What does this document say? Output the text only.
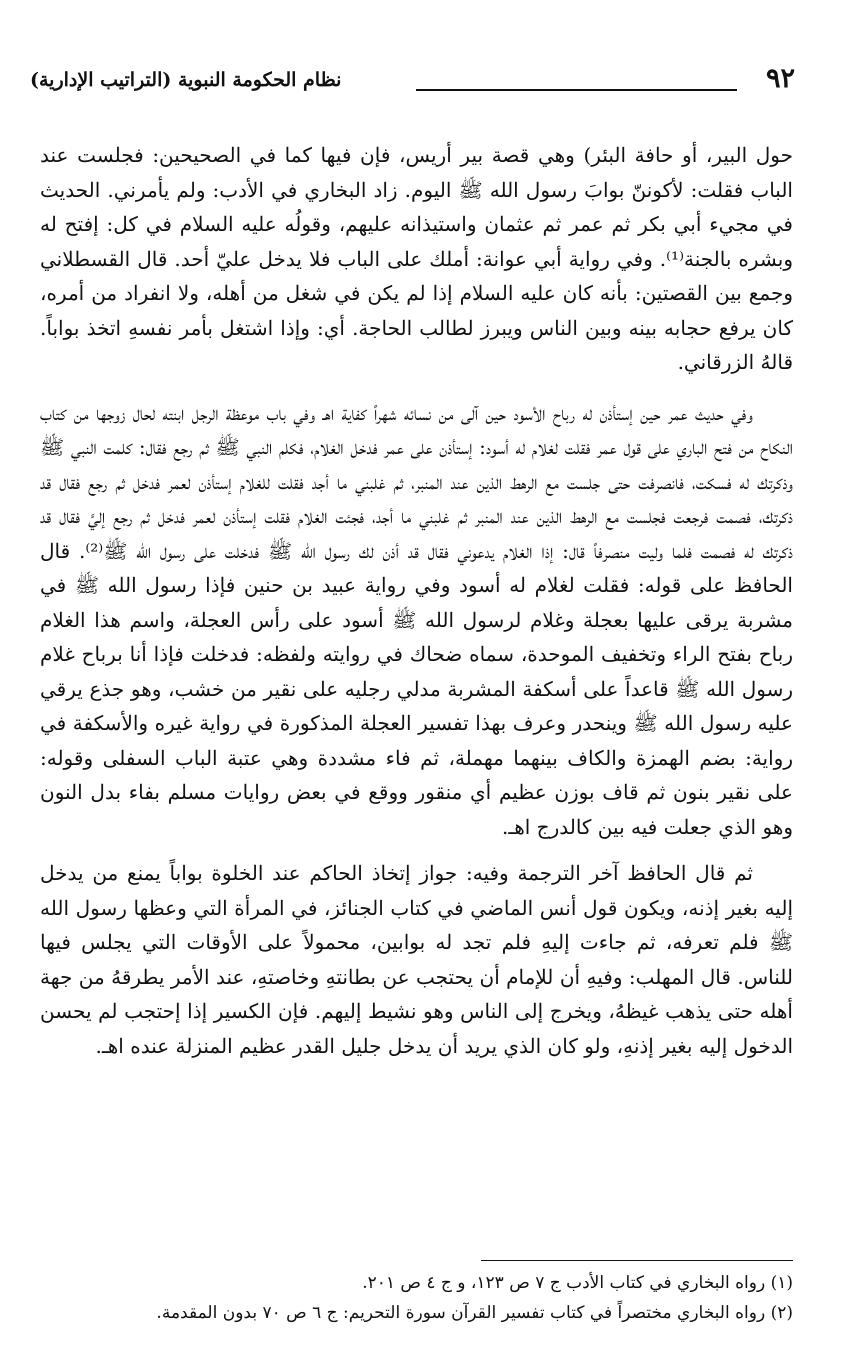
٩٢
نظام الحكومة النبوية (التراتيب الإدارية)

حول البير، أو حافة البئر) وهي قصة بير أريس، فإن فيها كما في الصحيحين: فجلست عند الباب فقلت: لأكوننّ بوابَ رسول الله ﷺ اليوم. زاد البخاري في الأدب: ولم يأمرني. الحديث في مجيء أبي بكر ثم عمر ثم عثمان واستيذانه عليهم، وقولُه عليه السلام في كل: إفتح له وبشره بالجنة⁽¹⁾. وفي رواية أبي عوانة: أملك على الباب فلا يدخل عليّ أحد. قال القسطلاني وجمع بين القصتين: بأنه كان عليه السلام إذا لم يكن في شغل من أهله، ولا انفراد من أمره، كان يرفع حجابه بينه وبين الناس ويبرز لطالب الحاجة. أي: وإذا اشتغل بأمر نفسهِ اتخذ بواباً. قالهُ الزرقاني.

وفي حديث عمر حين إستأذن له رباح الأسود حين آلى من نسائه شهراً كفاية اهـ وفي باب موعظة الرجل ابنته لحال زوجها من كتاب النكاح من فتح الباري على قول عمر فقلت لغلام له أسود: إستأذن على عمر فدخل الغلام، فكلم النبي ﷺ ثم رجع فقال: كلمت النبي ﷺ وذكرتك له فسكت، فانصرفت حتى جلست مع الرهط الذين عند المنبر، ثم غلبني ما أجد فقلت للغلام إستأذن لعمر فدخل ثم رجع فقال قد ذكرتك، فصمت فرجعت فجلست مع الرهط الذين عند المنبر ثم غلبني ما أجد، فجئت الغلام فقلت إستأذن لعمر فدخل ثم رجع إليَّ فقال قد ذكرتك له فصمت فلما وليت منصرفاً قال: إذا الغلام يدعوني فقال قد أذن لك رسول الله ﷺ فدخلت على رسول الله ﷺ⁽²⁾. قال الحافظ على قوله: فقلت لغلام له أسود وفي رواية عبيد بن حنين فإذا رسول الله ﷺ في مشربة يرقى عليها بعجلة وغلام لرسول الله ﷺ أسود على رأس العجلة، واسم هذا الغلام رباح بفتح الراء وتخفيف الموحدة، سماه ضحاك في روايته ولفظه: فدخلت فإذا أنا برباح غلام رسول الله ﷺ قاعداً على أسكفة المشربة مدلي رجليه على نقير من خشب، وهو جذع يرقي عليه رسول الله ﷺ وينحدر وعرف بهذا تفسير العجلة المذكورة في رواية غيره والأسكفة في رواية: بضم الهمزة والكاف بينهما مهملة، ثم فاء مشددة وهي عتبة الباب السفلى وقوله: على نقير بنون ثم قاف بوزن عظيم أي منقور ووقع في بعض روايات مسلم بفاء بدل النون وهو الذي جعلت فيه بين كالدرج اهـ.

ثم قال الحافظ آخر الترجمة وفيه: جواز إتخاذ الحاكم عند الخلوة بواباً يمنع من يدخل إليه بغير إذنه، ويكون قول أنس الماضي في كتاب الجنائز، في المرأة التي وعظها رسول الله ﷺ فلم تعرفه، ثم جاءت إليهِ فلم تجد له بوابين، محمولاً على الأوقات التي يجلس فيها للناس. قال المهلب: وفيهِ أن للإمام أن يحتجب عن بطانتهِ وخاصتهِ، عند الأمر يطرقهُ من جهة أهله حتى يذهب غيظهُ، ويخرج إلى الناس وهو نشيط إليهم. فإن الكسير إذا إحتجب لم يحسن الدخول إليه بغير إذنهِ، ولو كان الذي يريد أن يدخل جليل القدر عظيم المنزلة عنده اهـ.

(١) رواه البخاري في كتاب الأدب ج ٧ ص ١٢٣، و ج ٤ ص ٢٠١.
(٢) رواه البخاري مختصراً في كتاب تفسير القرآن سورة التحريم: ج ٦ ص ٧٠ بدون المقدمة.
